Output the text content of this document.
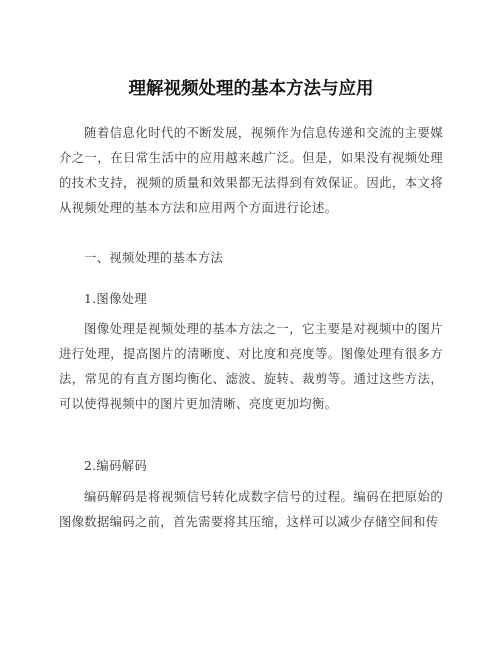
理解视频处理的基本方法与应用

随着信息化时代的不断发展，视频作为信息传递和交流的主要媒介之一，在日常生活中的应用越来越广泛。但是，如果没有视频处理的技术支持，视频的质量和效果都无法得到有效保证。因此，本文将从视频处理的基本方法和应用两个方面进行论述。

一、视频处理的基本方法

1.图像处理

图像处理是视频处理的基本方法之一，它主要是对视频中的图片进行处理，提高图片的清晰度、对比度和亮度等。图像处理有很多方法，常见的有直方图均衡化、滤波、旋转、裁剪等。通过这些方法，可以使得视频中的图片更加清晰、亮度更加均衡。

2.编码解码

编码解码是将视频信号转化成数字信号的过程。编码在把原始的图像数据编码之前，首先需要将其压缩，这样可以减少存储空间和传
